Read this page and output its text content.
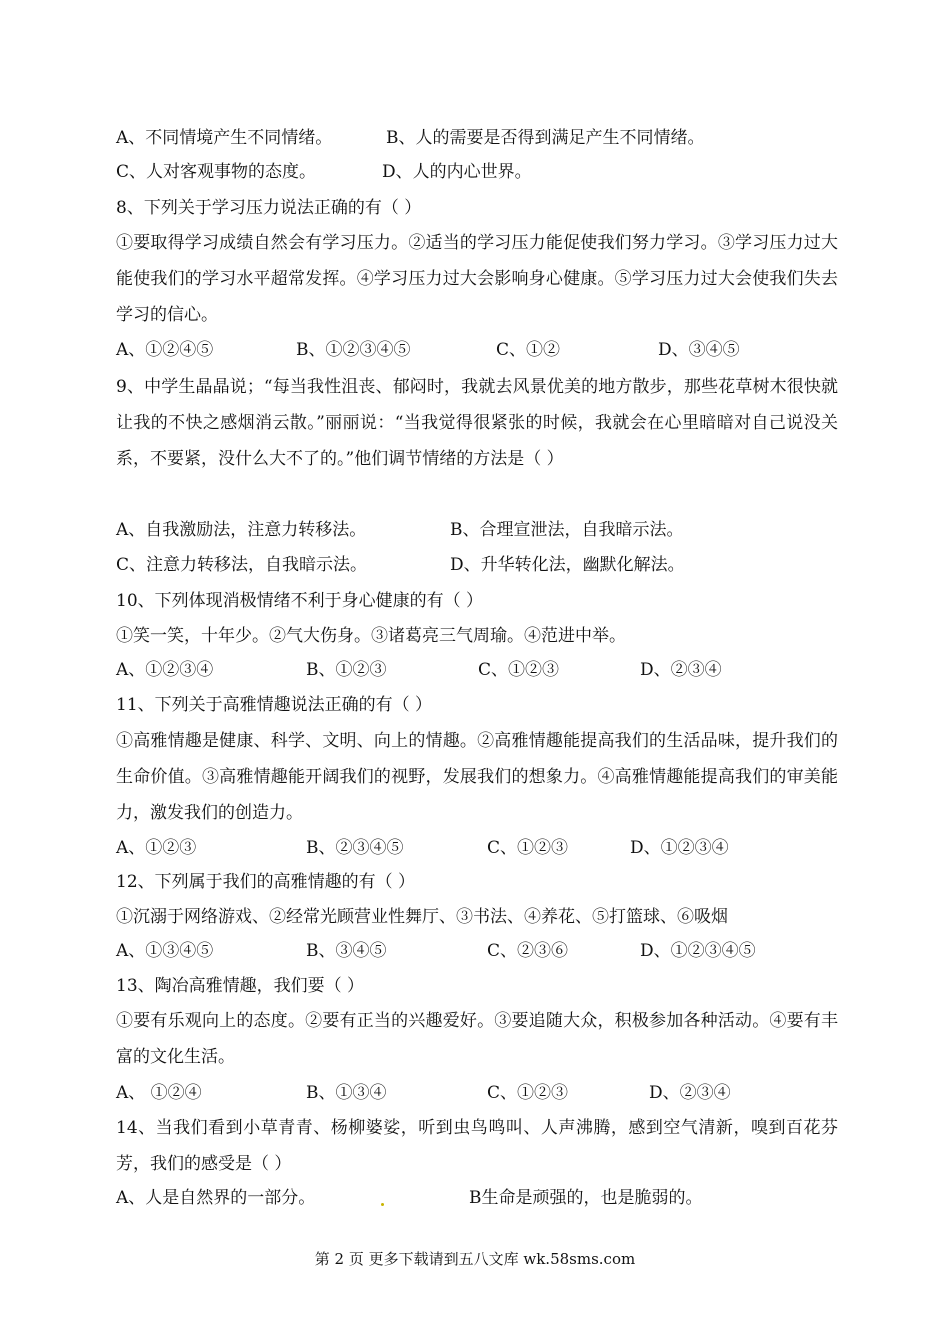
A、不同情境产生不同情绪。	B、人的需要是否得到满足产生不同情绪。
C、人对客观事物的态度。	D、人的内心世界。
8、下列关于学习压力说法正确的有（ ）
①要取得学习成绩自然会有学习压力。②适当的学习压力能促使我们努力学习。③学习压力过大能使我们的学习水平超常发挥。④学习压力过大会影响身心健康。⑤学习压力过大会使我们失去学习的信心。
A、①②④⑤	B、①②③④⑤	C、①②	D、③④⑤
9、中学生晶晶说；“每当我性沮丧、郁闷时，我就去风景优美的地方散步，那些花草树木很快就让我的不快之感烟消云散。”丽丽说：“当我觉得很紧张的时候，我就会在心里暗暗对自己说没关系，不要紧，没什么大不了的。”他们调节情绪的方法是（ ）
A、自我激励法，注意力转移法。	B、合理宣泄法，自我暗示法。
C、注意力转移法，自我暗示法。	D、升华转化法，幽默化解法。
10、下列体现消极情绪不利于身心健康的有（ ）
①笑一笑，十年少。②气大伤身。③诸葛亮三气周瑜。④范进中举。
A、①②③④	B、①②③	C、①②③	D、②③④
11、下列关于高雅情趣说法正确的有（ ）
①高雅情趣是健康、科学、文明、向上的情趣。②高雅情趣能提高我们的生活品味，提升我们的生命价值。③高雅情趣能开阔我们的视野，发展我们的想象力。④高雅情趣能提高我们的审美能力，激发我们的创造力。
A、①②③	B、②③④⑤	C、①②③	D、①②③④
12、下列属于我们的高雅情趣的有（ ）
①沉溺于网络游戏、②经常光顾营业性舞厅、③书法、④养花、⑤打篮球、⑥吸烟
A、①③④⑤	B、③④⑤	C、②③⑥	D、①②③④⑤
13、陶冶高雅情趣，我们要（ ）
①要有乐观向上的态度。②要有正当的兴趣爱好。③要追随大众，积极参加各种活动。④要有丰富的文化生活。
A、 ①②④	B、①③④	C、①②③	D、②③④
14、当我们看到小草青青、杨柳婆娑，听到虫鸟鸣叫、人声沸腾，感到空气清新，嗅到百花芬芳，我们的感受是（ ）
A、人是自然界的一部分。	B生命是顽强的，也是脆弱的。
第 2 页 更多下载请到五八文库 wk.58sms.com
